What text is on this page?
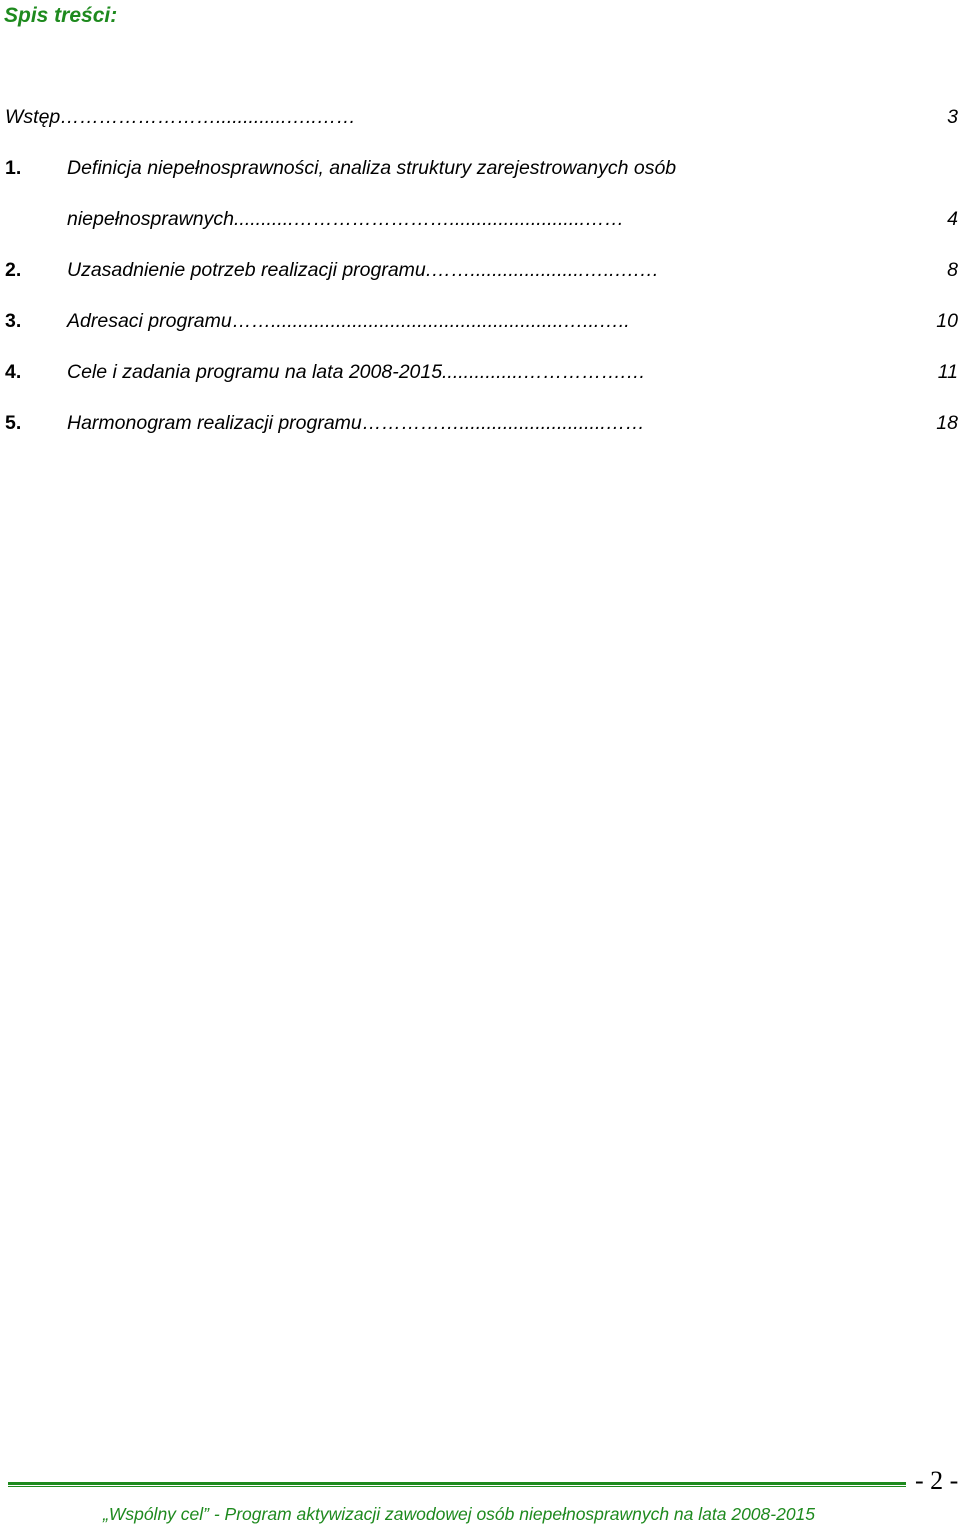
Spis treści:
Wstęp …………………….............…..……	3
1. Definicja niepełnosprawności, analiza struktury zarejestrowanych osób
niepełnosprawnych ...........…………………….........................……	4
2. Uzasadnienie potrzeb realizacji programu .…….....................…..….…	8
3. Adresaci programu ……......................................................…...…..	10
4. Cele i zadania programu na lata 2008-2015 ...............…………….…	11
5. Harmonogram realizacji programu ……………...........................……	18
- 2 -
„Wspólny cel” - Program aktywizacji zawodowej osób niepełnosprawnych na lata 2008-2015
